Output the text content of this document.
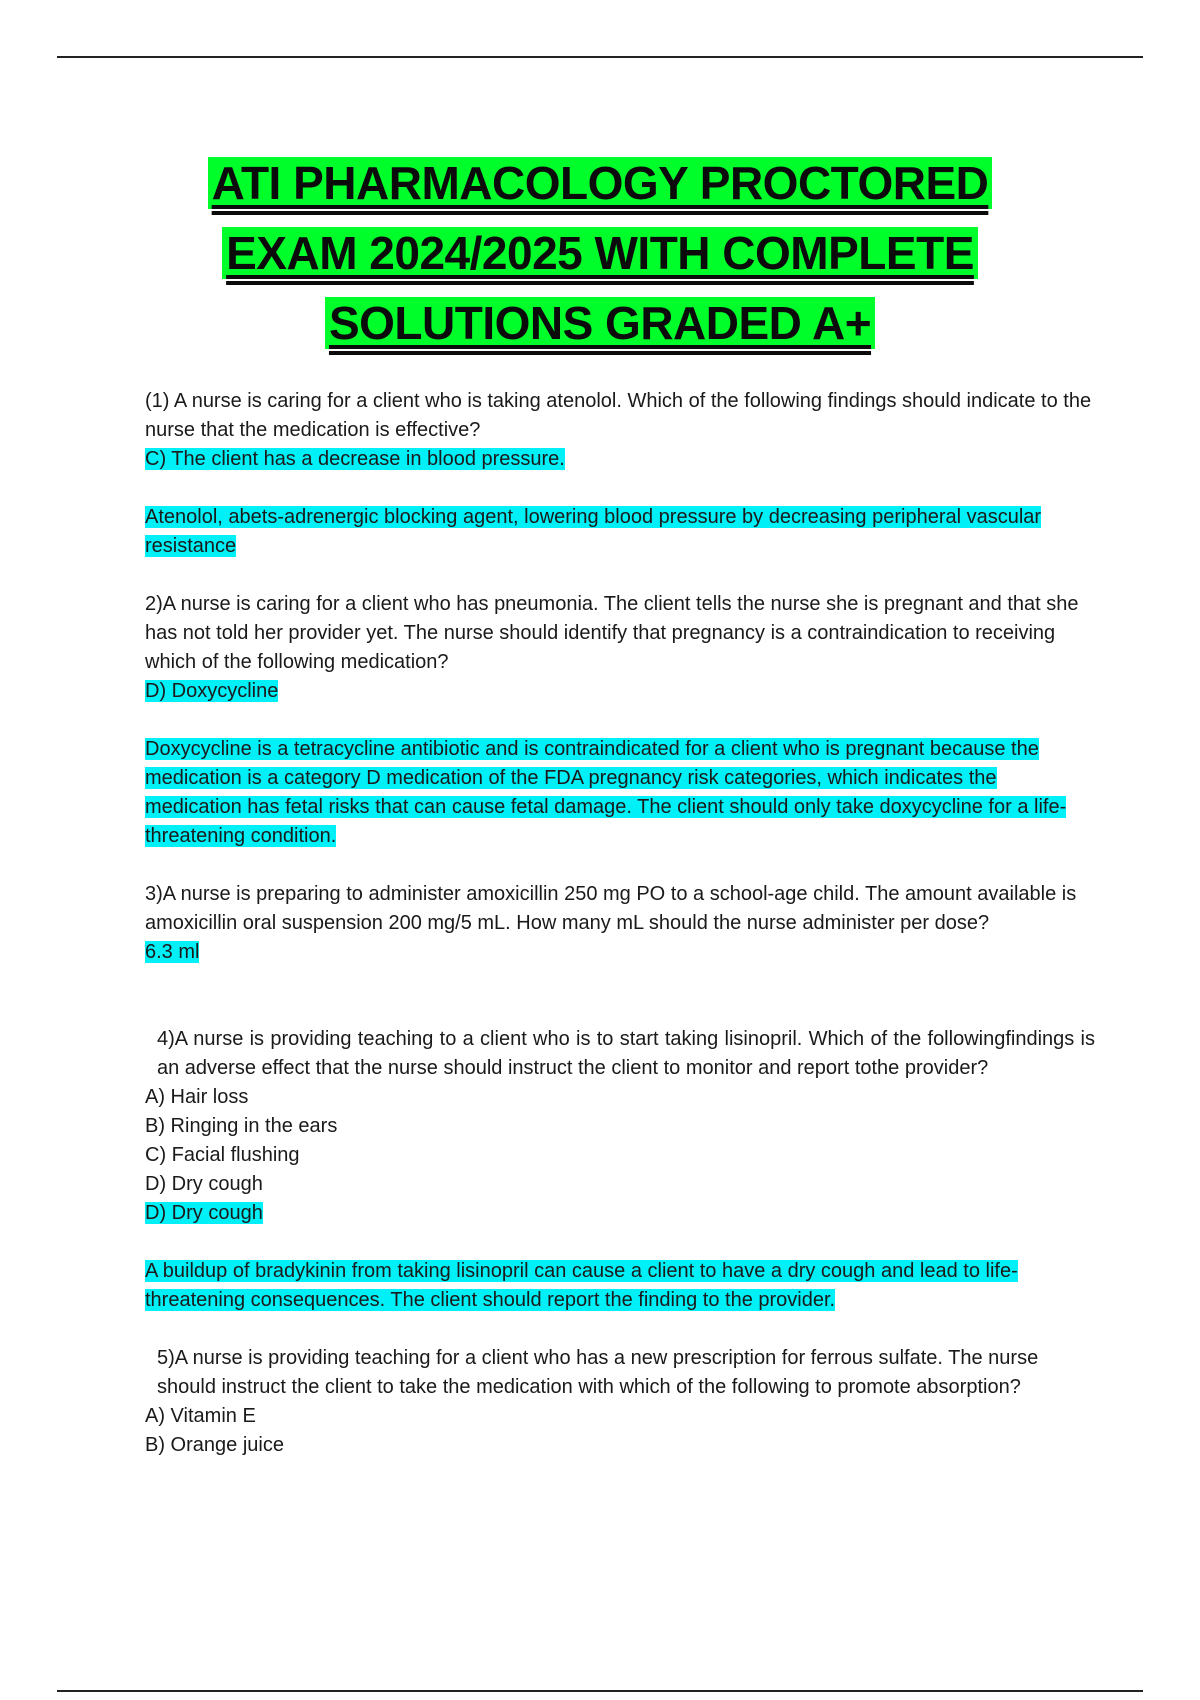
ATI PHARMACOLOGY PROCTORED
EXAM 2024/2025 WITH COMPLETE
SOLUTIONS GRADED A+

(1) A nurse is caring for a client who is taking atenolol. Which of the following findings should indicate to the nurse that the medication is effective?

C) The client has a decrease in blood pressure.

Atenolol, abets-adrenergic blocking agent, lowering blood pressure by decreasing peripheral vascular resistance

2)A nurse is caring for a client who has pneumonia. The client tells the nurse she is pregnant and that she has not told her provider yet. The nurse should identify that pregnancy is a contraindication to receiving which of the following medication?

D) Doxycycline

Doxycycline is a tetracycline antibiotic and is contraindicated for a client who is pregnant because the medication is a category D medication of the FDA pregnancy risk categories, which indicates the medication has fetal risks that can cause fetal damage. The client should only take doxycycline for a life-threatening condition.

3)A nurse is preparing to administer amoxicillin 250 mg PO to a school-age child. The amount available is amoxicillin oral suspension 200 mg/5 mL. How many mL should the nurse administer per dose?

6.3 ml

4)A nurse is providing teaching to a client who is to start taking lisinopril. Which of the followingfindings is an adverse effect that the nurse should instruct the client to monitor and report tothe provider?

A) Hair loss

B) Ringing in the ears

C) Facial flushing

D) Dry cough

D) Dry cough

A buildup of bradykinin from taking lisinopril can cause a client to have a dry cough and lead to life-threatening consequences. The client should report the finding to the provider.

5)A nurse is providing teaching for a client who has a new prescription for ferrous sulfate. The nurse should instruct the client to take the medication with which of the following to promote absorption?

A) Vitamin E

B) Orange juice
